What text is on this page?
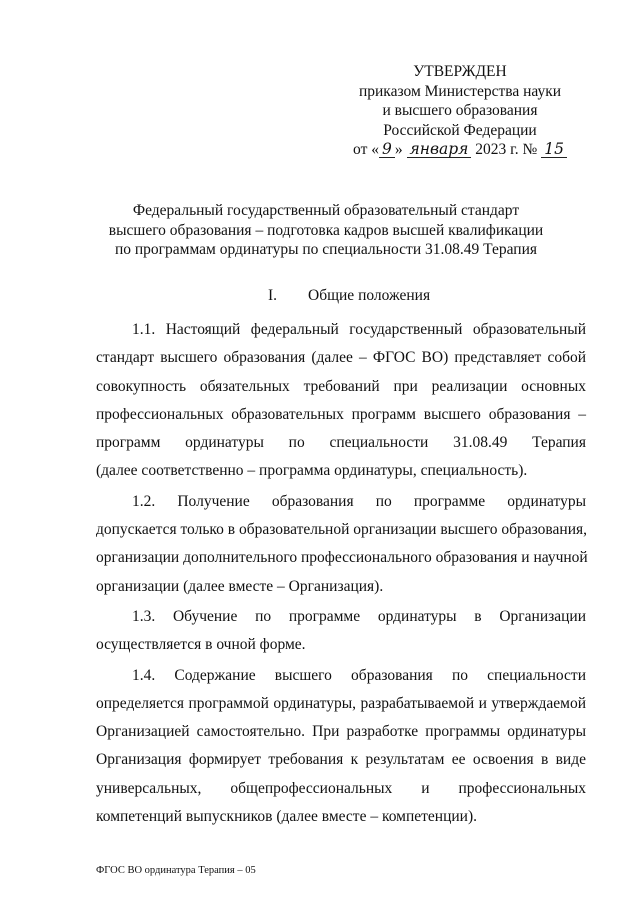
УТВЕРЖДЕН
приказом Министерства науки
и высшего образования
Российской Федерации
от « 9 » января 2023 г. № 15
Федеральный государственный образовательный стандарт
высшего образования – подготовка кадров высшей квалификации
по программам ординатуры по специальности 31.08.49 Терапия
I. Общие положения
1.1. Настоящий федеральный государственный образовательный
стандарт высшего образования (далее – ФГОС ВО) представляет собой
совокупность обязательных требований при реализации основных
профессиональных образовательных программ высшего образования –
программ ординатуры по специальности 31.08.49 Терапия
(далее соответственно – программа ординатуры, специальность).
1.2. Получение образования по программе ординатуры
допускается только в образовательной организации высшего образования,
организации дополнительного профессионального образования и научной
организации (далее вместе – Организация).
1.3. Обучение по программе ординатуры в Организации
осуществляется в очной форме.
1.4. Содержание высшего образования по специальности
определяется программой ординатуры, разрабатываемой и утверждаемой
Организацией самостоятельно. При разработке программы ординатуры
Организация формирует требования к результатам ее освоения в виде
универсальных, общепрофессиональных и профессиональных
компетенций выпускников (далее вместе – компетенции).
ФГОС ВО ординатура Терапия – 05
